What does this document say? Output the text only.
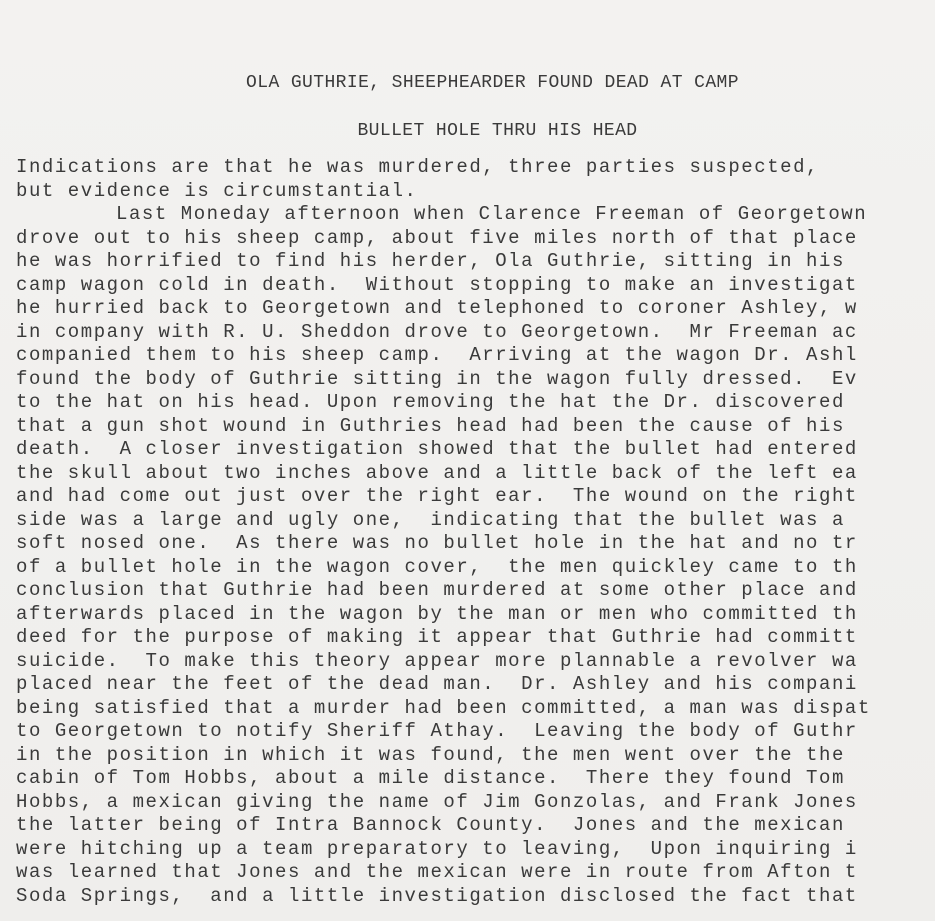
OLA GUTHRIE, SHEEPHEARDER FOUND DEAD AT CAMP
BULLET HOLE THRU HIS HEAD
Indications are that he was murdered, three parties suspected,
but evidence is circumstantial.
Last Moneday afternoon when Clarence Freeman of Georgetown
drove out to his sheep camp, about five miles north of that place
he was horrified to find his herder, Ola Guthrie, sitting in his
camp wagon cold in death.  Without stopping to make an investigat
he hurried back to Georgetown and telephoned to coroner Ashley, w
in company with R. U. Sheddon drove to Georgetown.  Mr Freeman ac
companied them to his sheep camp.  Arriving at the wagon Dr. Ashl
found the body of Guthrie sitting in the wagon fully dressed.  Ev
to the hat on his head. Upon removing the hat the Dr. discovered
that a gun shot wound in Guthries head had been the cause of his
death.  A closer investigation showed that the bullet had entered
the skull about two inches above and a little back of the left ea
and had come out just over the right ear.  The wound on the right
side was a large and ugly one,  indicating that the bullet was a
soft nosed one.  As there was no bullet hole in the hat and no tr
of a bullet hole in the wagon cover,  the men quickley came to th
conclusion that Guthrie had been murdered at some other place and
afterwards placed in the wagon by the man or men who committed th
deed for the purpose of making it appear that Guthrie had committ
suicide.  To make this theory appear more plannable a revolver wa
placed near the feet of the dead man.  Dr. Ashley and his compani
being satisfied that a murder had been committed, a man was dispat
to Georgetown to notify Sheriff Athay.  Leaving the body of Guthr
in the position in which it was found, the men went over the the
cabin of Tom Hobbs, about a mile distance.  There they found Tom
Hobbs, a mexican giving the name of Jim Gonzolas, and Frank Jones
the latter being of Intra Bannock County.  Jones and the mexican
were hitching up a team preparatory to leaving,  Upon inquiring i
was learned that Jones and the mexican were in route from Afton t
Soda Springs,  and a little investigation disclosed the fact that
